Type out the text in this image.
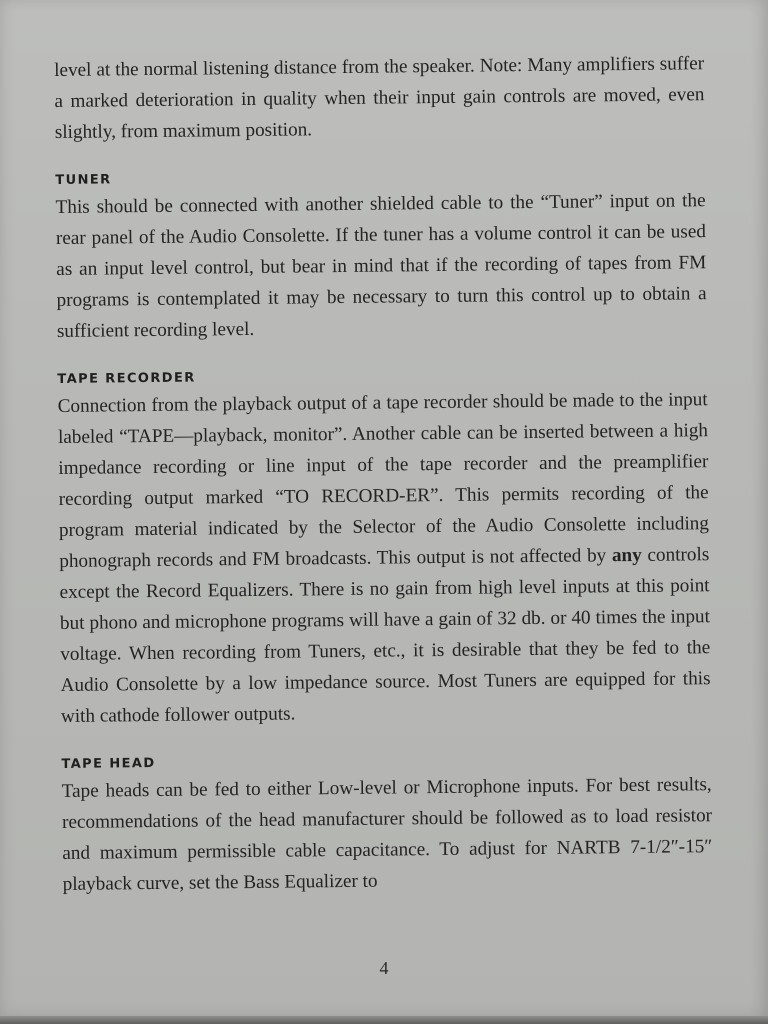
level at the normal listening distance from the speaker. Note: Many amplifiers suffer a marked deterioration in quality when their input gain controls are moved, even slightly, from maximum position.

TUNER

This should be connected with another shielded cable to the “Tuner” input on the rear panel of the Audio Consolette. If the tuner has a volume control it can be used as an input level control, but bear in mind that if the recording of tapes from FM programs is contemplated it may be necessary to turn this control up to obtain a sufficient recording level.

TAPE RECORDER

Connection from the playback output of a tape recorder should be made to the input labeled “TAPE—playback, monitor”. Another cable can be inserted between a high impedance recording or line input of the tape recorder and the preamplifier recording output marked “TO RECORD-ER”. This permits recording of the program material indicated by the Selector of the Audio Consolette including phonograph records and FM broadcasts. This output is not affected by any controls except the Record Equalizers. There is no gain from high level inputs at this point but phono and microphone programs will have a gain of 32 db. or 40 times the input voltage. When recording from Tuners, etc., it is desirable that they be fed to the Audio Consolette by a low impedance source. Most Tuners are equipped for this with cathode follower outputs.

TAPE HEAD

Tape heads can be fed to either Low-level or Microphone inputs. For best results, recommendations of the head manufacturer should be followed as to load resistor and maximum permissible cable capacitance. To adjust for NARTB 7-1/2″-15″ playback curve, set the Bass Equalizer to

4
